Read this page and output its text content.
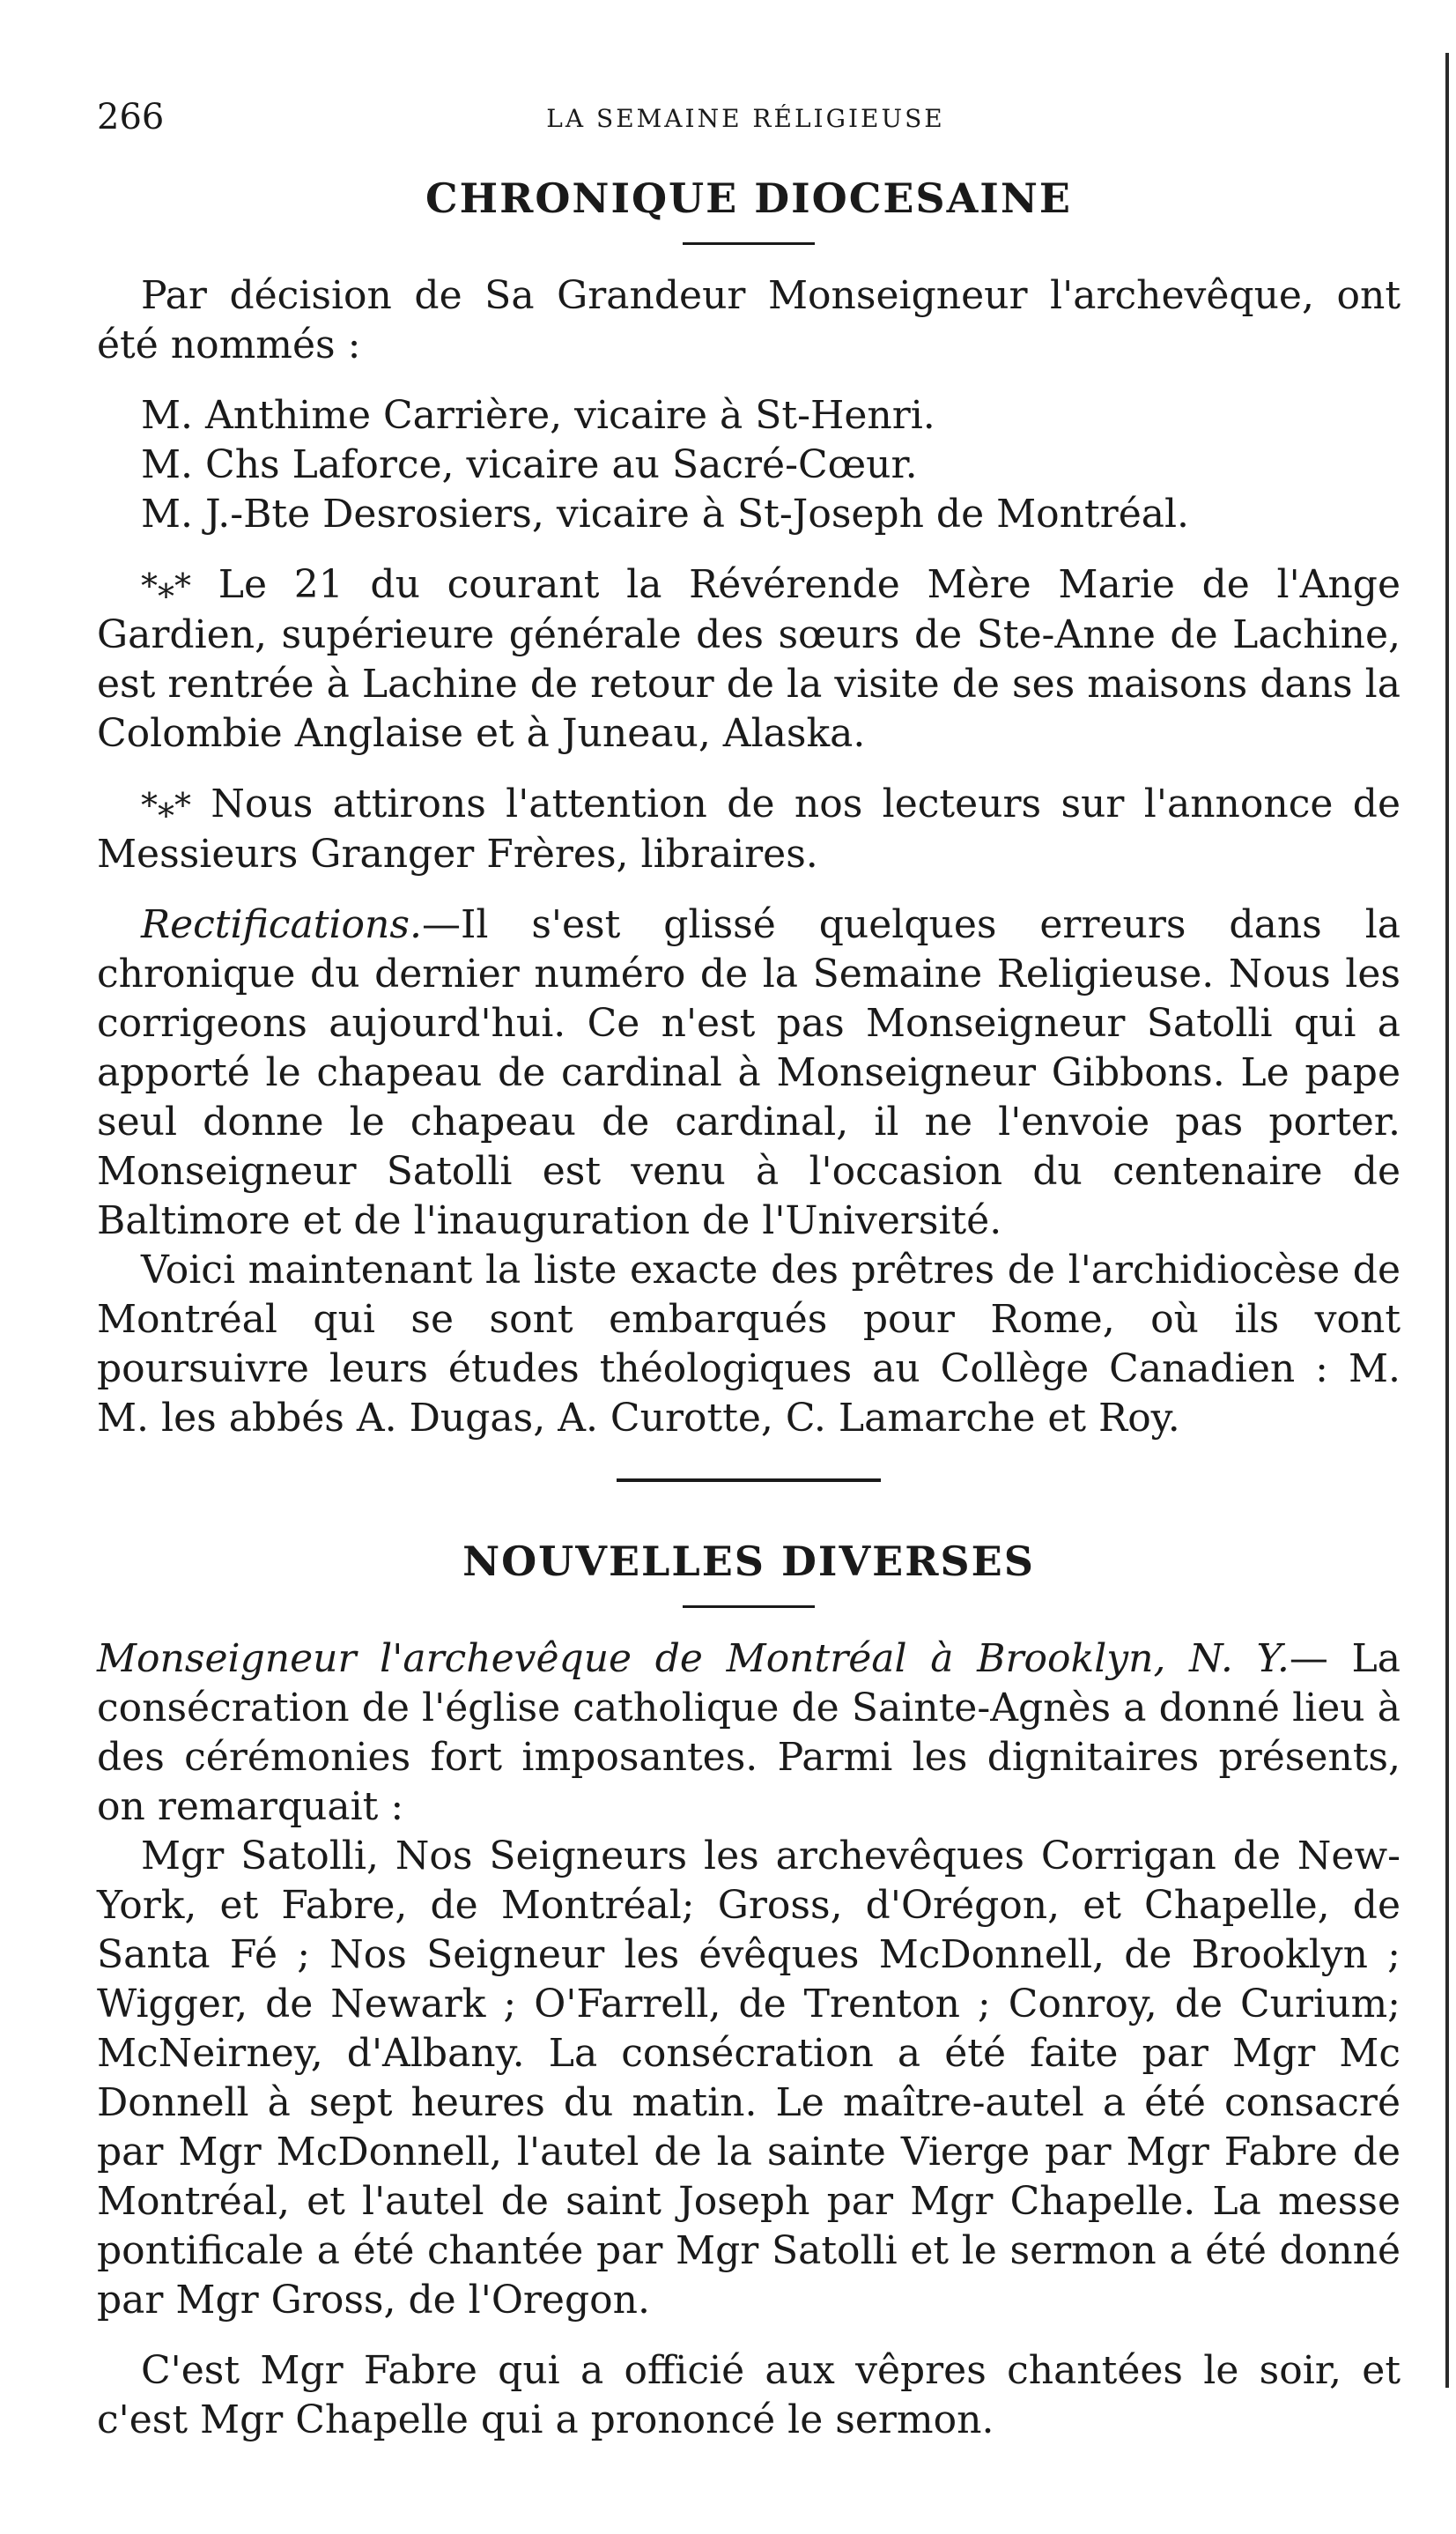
266	LA SEMAINE RÉLIGIEUSE
CHRONIQUE DIOCESAINE

Par décision de Sa Grandeur Monseigneur l'archevêque, ont été nommés :

M. Anthime Carrière, vicaire à St-Henri.
M. Chs Laforce, vicaire au Sacré-Cœur.
M. J.-Bte Desrosiers, vicaire à St-Joseph de Montréal.

*⁎* Le 21 du courant la Révérende Mère Marie de l'Ange Gardien, supérieure générale des sœurs de Ste-Anne de Lachine, est rentrée à Lachine de retour de la visite de ses maisons dans la Colombie Anglaise et à Juneau, Alaska.

*⁎* Nous attirons l'attention de nos lecteurs sur l'annonce de Messieurs Granger Frères, libraires.

Rectifications.—Il s'est glissé quelques erreurs dans la chronique du dernier numéro de la Semaine Religieuse. Nous les corrigeons aujourd'hui. Ce n'est pas Monseigneur Satolli qui a apporté le chapeau de cardinal à Monseigneur Gibbons. Le pape seul donne le chapeau de cardinal, il ne l'envoie pas porter. Monseigneur Satolli est venu à l'occasion du centenaire de Baltimore et de l'inauguration de l'Université.

Voici maintenant la liste exacte des prêtres de l'archidiocèse de Montréal qui se sont embarqués pour Rome, où ils vont poursuivre leurs études théologiques au Collège Canadien : M. M. les abbés A. Dugas, A. Curotte, C. Lamarche et Roy.

NOUVELLES DIVERSES

Monseigneur l'archevêque de Montréal à Brooklyn, N. Y.— La consécration de l'église catholique de Sainte-Agnès a donné lieu à des cérémonies fort imposantes. Parmi les dignitaires présents, on remarquait :

Mgr Satolli, Nos Seigneurs les archevêques Corrigan de New-York, et Fabre, de Montréal; Gross, d'Orégon, et Chapelle, de Santa Fé ; Nos Seigneur les évêques McDonnell, de Brooklyn ; Wigger, de Newark ; O'Farrell, de Trenton ; Conroy, de Curium; McNeirney, d'Albany. La consécration a été faite par Mgr Mc Donnell à sept heures du matin. Le maître-autel a été consacré par Mgr McDonnell, l'autel de la sainte Vierge par Mgr Fabre de Montréal, et l'autel de saint Joseph par Mgr Chapelle. La messe pontificale a été chantée par Mgr Satolli et le sermon a été donné par Mgr Gross, de l'Oregon.

C'est Mgr Fabre qui a officié aux vêpres chantées le soir, et c'est Mgr Chapelle qui a prononcé le sermon.
